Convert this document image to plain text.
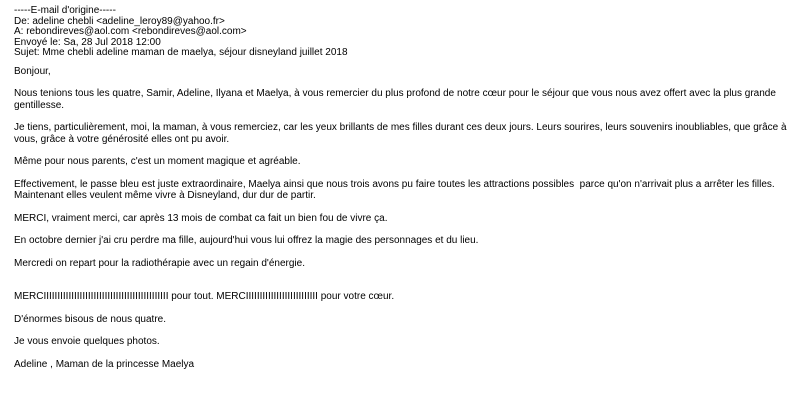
-----E-mail d'origine-----
De: adeline chebli <adeline_leroy89@yahoo.fr>
A: rebondireves@aol.com <rebondireves@aol.com>
Envoyé le: Sa, 28 Jul 2018 12:00
Sujet: Mme chebli adeline maman de maelya, séjour disneyland juillet 2018
Bonjour,
Nous tenions tous les quatre, Samir, Adeline, Ilyana et Maelya, à vous remercier du plus profond de notre cœur pour le séjour que vous nous avez offert avec la plus grande gentillesse.
Je tiens, particulièrement, moi, la maman, à vous remerciez, car les yeux brillants de mes filles durant ces deux jours. Leurs sourires, leurs souvenirs inoubliables, que grâce à vous, grâce à votre générosité elles ont pu avoir.
Même pour nous parents, c'est un moment magique et agréable.
Effectivement, le passe bleu est juste extraordinaire, Maelya ainsi que nous trois avons pu faire toutes les attractions possibles  parce qu'on n'arrivait plus a arrêter les filles. Maintenant elles veulent même vivre à Disneyland, dur dur de partir.
MERCI, vraiment merci, car après 13 mois de combat ca fait un bien fou de vivre ça.
En octobre dernier j'ai cru perdre ma fille, aujourd'hui vous lui offrez la magie des personnages et du lieu.
Mercredi on repart pour la radiothérapie avec un regain d'énergie.
MERCIIIIIIIIIIIIIIIIIIIIIIIIIIIIIIIIIIIIIIIIIIIII pour tout. MERCIIIIIIIIIIIIIIIIIIIIIIIIII pour votre cœur.
D'énormes bisous de nous quatre.
Je vous envoie quelques photos.
Adeline , Maman de la princesse Maelya
